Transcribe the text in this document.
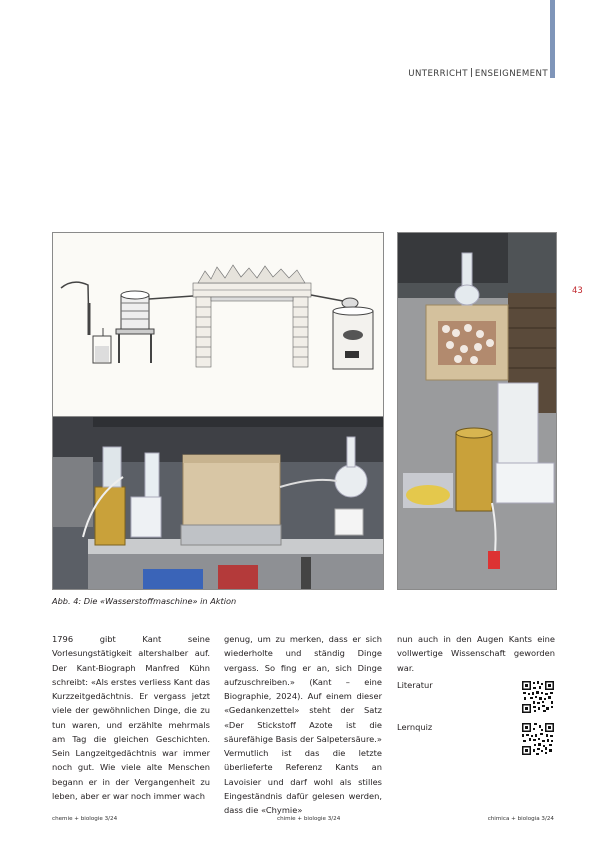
UNTERRICHT ENSEIGNEMENT
43
Abb. 4: Die «Wasserstoffmaschine» in Aktion

1796 gibt Kant seine Vorlesungstätigkeit altershalber auf. Der Kant-Biograph Manfred Kühn schreibt: «Als erstes verliess Kant das Kurzzeitgedächtnis. Er vergass jetzt viele der gewöhnlichen Dinge, die zu tun waren, und erzählte mehrmals am Tag die gleichen Geschichten. Sein Langzeitgedächtnis war immer noch gut. Wie viele alte Menschen begann er in der Vergangenheit zu leben, aber er war noch immer wach

genug, um zu merken, dass er sich wiederholte und ständig Dinge vergass. So fing er an, sich Dinge aufzuschreiben.» (Kant – eine Biographie, 2024). Auf einem dieser «Gedankenzettel» steht der Satz «Der Stickstoff Azote ist die säurefähige Basis der Salpetersäure.» Vermutlich ist das die letzte überlieferte Referenz Kants an Lavoisier und darf wohl als stilles Eingeständnis dafür gelesen werden, dass die «Chymie»

nun auch in den Augen Kants eine vollwertige Wissenschaft geworden war.

Literatur
Lernquiz
chemie + biologie 3/24	chimie + biologie 3/24	chimica + biologia 3/24
